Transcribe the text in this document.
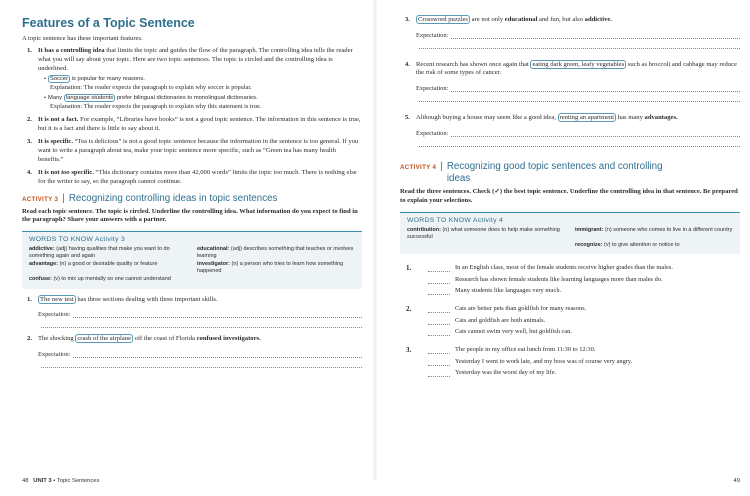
Features of a Topic Sentence

A topic sentence has these important features.

1. It has a controlling idea that limits the topic and guides the flow of the paragraph. The controlling idea tells the reader what you will say about your topic. Here are two topic sentences. The topic is circled and the controlling idea is underlined.

• Soccer is popular for many reasons.
Explanation: The reader expects the paragraph to explain why soccer is popular.
• Many language students prefer bilingual dictionaries to monolingual dictionaries.
Explanation: The reader expects the paragraph to explain why this statement is true.
2. It is not a fact. For example, “Libraries have books” is not a good topic sentence. The information in this sentence is true, but it is a fact and there is little to say about it.

3. It is specific. “Tea is delicious” is not a good topic sentence because the information in the sentence is too general. If you want to write a paragraph about tea, make your topic sentence more specific, such as “Green tea has many health benefits.”

4. It is not too specific. “This dictionary contains more than 42,000 words” limits the topic too much. There is nothing else for the writer to say, so the paragraph cannot continue.

ACTIVITY 3 | Recognizing controlling ideas in topic sentences

Read each topic sentence. The topic is circled. Underline the controlling idea. What information do you expect to find in the paragraph? Share your answers with a partner.

WORDS TO KNOW Activity 3
addictive: (adj) having qualities that make you want to do something again and again
educational: (adj) describes something that teaches or involves learning
advantage: (n) a good or desirable quality or feature	investigator: (n) a person who tries to learn how something happened
confuse: (v) to mix up mentally so one cannot understand
1.	The new test has three sections dealing with three important skills.

Expectation:
2. The shocking crash of the airplane off the coast of Florida confused investigators.

Expectation:
48 UNIT 3 • Topic Sentences
3.	Crossword puzzles are not only educational and fun, but also addictive.

Expectation:
4. Recent research has shown once again that eating dark green, leafy vegetables such as broccoli and cabbage may reduce the risk of some types of cancer.

Expectation:
5. Although buying a house may seem like a good idea, renting an apartment has many advantages.

Expectation:
ACTIVITY 4 | Recognizing good topic sentences and controlling ideas

Read the three sentences. Check (✓) the best topic sentence. Underline the controlling idea in that sentence. Be prepared to explain your selections.

WORDS TO KNOW Activity 4
contribution: (n) what someone does to help make something successful
immigrant: (n) someone who comes to live in a different country
recognize: (v) to give attention or notice to
1.	In an English class, most of the female students receive higher grades than the males.
Research has shown female students like learning languages more than males do.
Many students like languages very much.
2.	Cats are better pets than goldfish for many reasons.
Cats and goldfish are both animals.
Cats cannot swim very well, but goldfish can.
3.	The people in my office eat lunch from 11:30 to 12:30.
Yesterday I went to work late, and my boss was of course very angry.
Yesterday was the worst day of my life.
49
